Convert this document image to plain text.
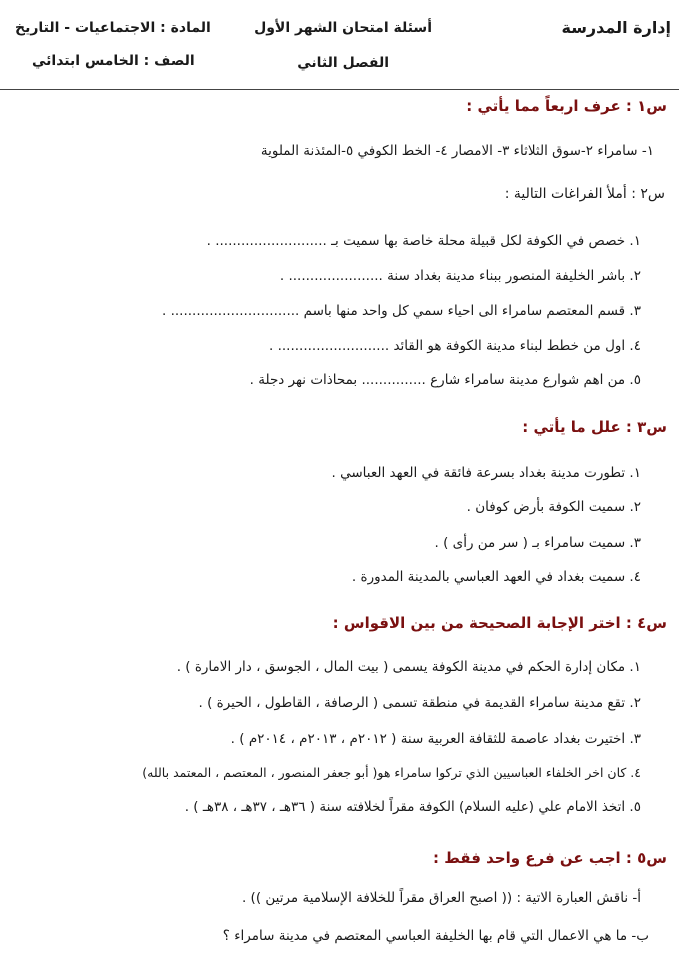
إدارة المدرسة
أسئلة امتحان الشهر الأول
الفصل الثاني
المادة : الاجتماعيات - التاريخ
الصف : الخامس ابتدائي
س١ : عرف اربعاً مما يأتي :
١- سامراء ٢-سوق الثلاثاء ٣- الامصار ٤- الخط الكوفي ٥-المئذنة الملوية
س٢ : أملأ الفراغات التالية :
١. خصص في الكوفة لكل قبيلة محلة خاصة بها سميت بـ .......................... .
٢. باشر الخليفة المنصور ببناء مدينة بغداد سنة ...................... .
٣. قسم المعتصم سامراء الى احياء سمي كل واحد منها باسم .............................. .
٤. اول من خطط لبناء مدينة الكوفة هو القائد .......................... .
٥. من اهم شوارع مدينة سامراء شارع ............... بمحاذات نهر دجلة .
س٣ : علل ما يأتي :
١. تطورت مدينة بغداد بسرعة فائقة في العهد العباسي .
٢. سميت الكوفة بأرض كوفان .
٣. سميت سامراء بـ ( سر من رأى ) .
٤. سميت بغداد في العهد العباسي بالمدينة المدورة .
س٤ : اختر الإجابة الصحيحة من بين الاقواس :
١. مكان إدارة الحكم في مدينة الكوفة يسمى ( بيت المال ، الجوسق ، دار الامارة ) .
٢. تقع مدينة سامراء القديمة في منطقة تسمى ( الرصافة ، القاطول ، الحيرة ) .
٣. اختيرت بغداد عاصمة للثقافة العربية سنة ( ٢٠١٢م ، ٢٠١٣م ، ٢٠١٤م ) .
٤. كان اخر الخلفاء العباسيين الذي تركوا سامراء هو( أبو جعفر المنصور ، المعتصم ، المعتمد بالله)
٥. اتخذ الامام علي (عليه السلام) الكوفة مقراً لخلافته سنة ( ٣٦هـ ، ٣٧هـ ، ٣٨هـ ) .
س٥ : اجب عن فرع واحد فقط :
أ- ناقش العبارة الاتية : (( اصبح العراق مقراً للخلافة الإسلامية مرتين )) .
ب- ما هي الاعمال التي قام بها الخليفة العباسي المعتصم في مدينة سامراء ؟
